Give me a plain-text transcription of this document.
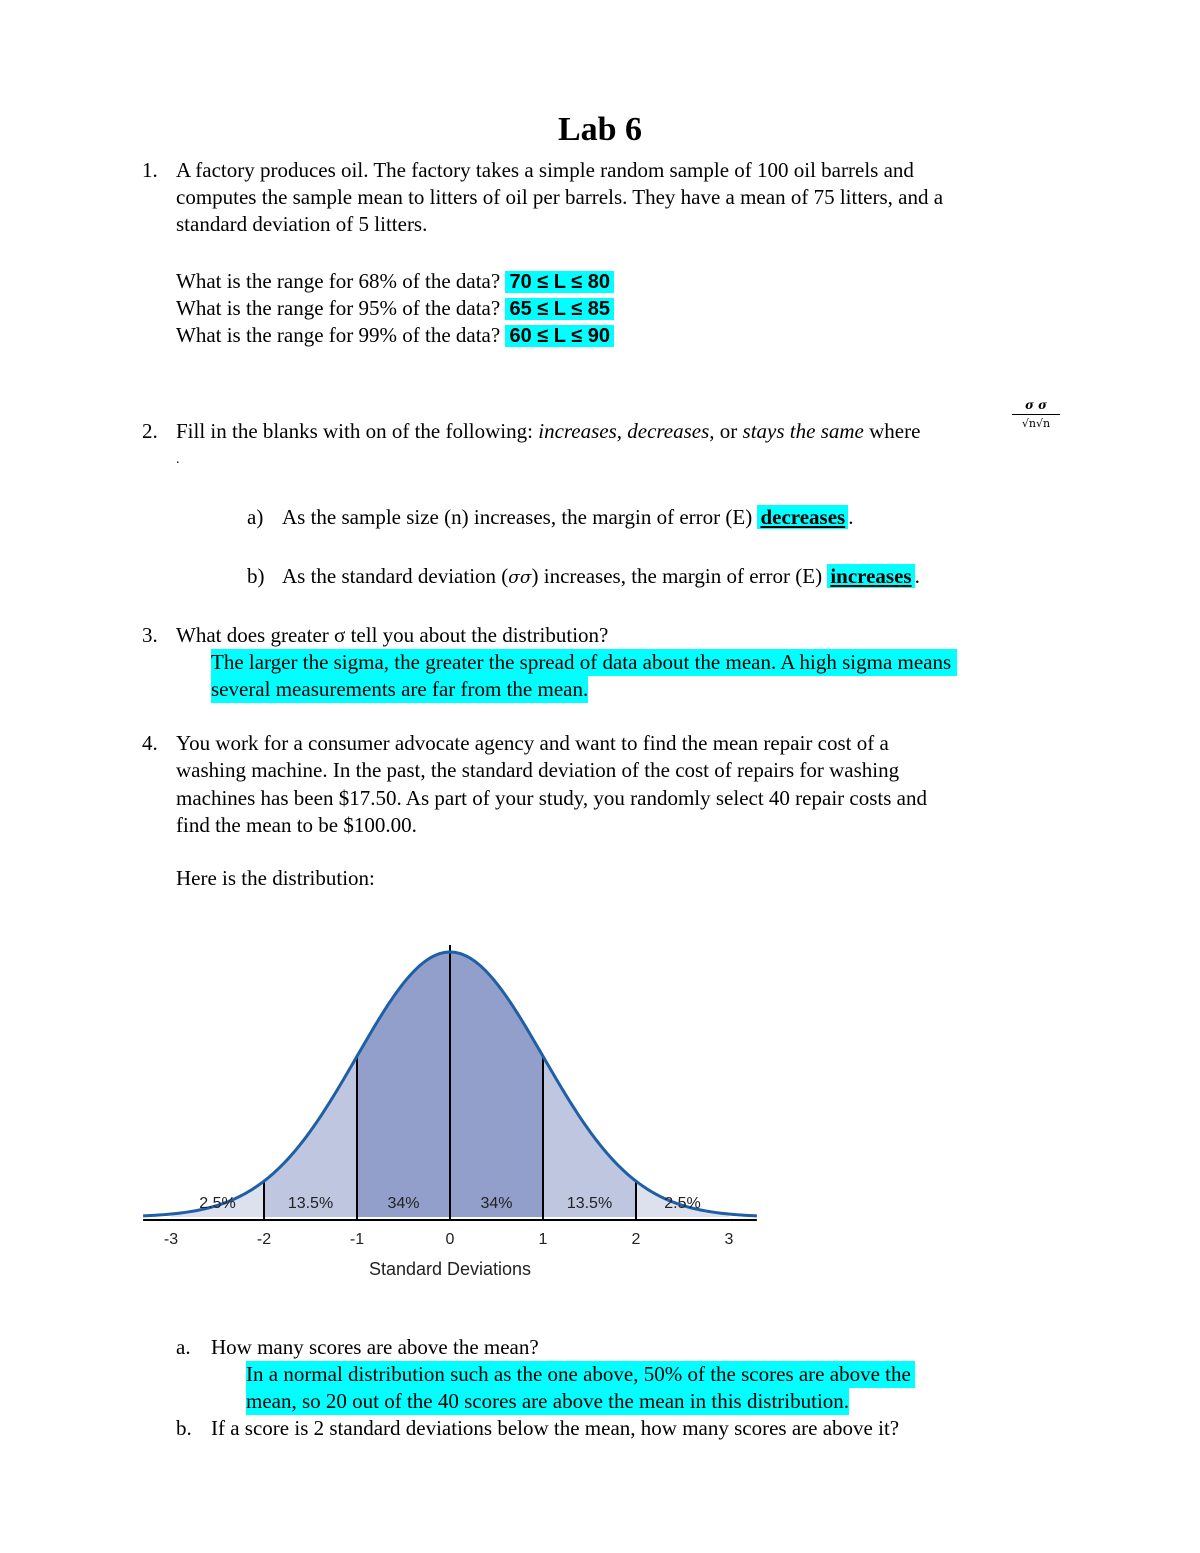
Lab 6
1. A factory produces oil. The factory takes a simple random sample of 100 oil barrels and
computes the sample mean to litters of oil per barrels. They have a mean of 75 litters, and a
standard deviation of 5 litters.
What is the range for 68% of the data? 70 ≤ L ≤ 80
What is the range for 95% of the data? 65 ≤ L ≤ 85
What is the range for 99% of the data? 60 ≤ L ≤ 90
2. Fill in the blanks with on of the following: increases, decreases, or stays the same where	$\frac{\text{σ σ}}{√n√n}$
.
a) As the sample size (n) increases, the margin of error (E) decreases .
b) As the standard deviation (σσ) increases, the margin of error (E) increases .
3. What does greater σ tell you about the distribution?
The larger the sigma, the greater the spread of data about the mean. A high sigma means
several measurements are far from the mean.
4. You work for a consumer advocate agency and want to find the mean repair cost of a
washing machine. In the past, the standard deviation of the cost of repairs for washing
machines has been $17.50. As part of your study, you randomly select 40 repair costs and
find the mean to be $100.00.
Here is the distribution:
2.5%	13.5%	34%	34%	13.5%	2.5%
-3	-2	-1	0	1	2	3
Standard Deviations
a. How many scores are above the mean?
In a normal distribution such as the one above, 50% of the scores are above the
mean, so 20 out of the 40 scores are above the mean in this distribution.
b. If a score is 2 standard deviations below the mean, how many scores are above it?
